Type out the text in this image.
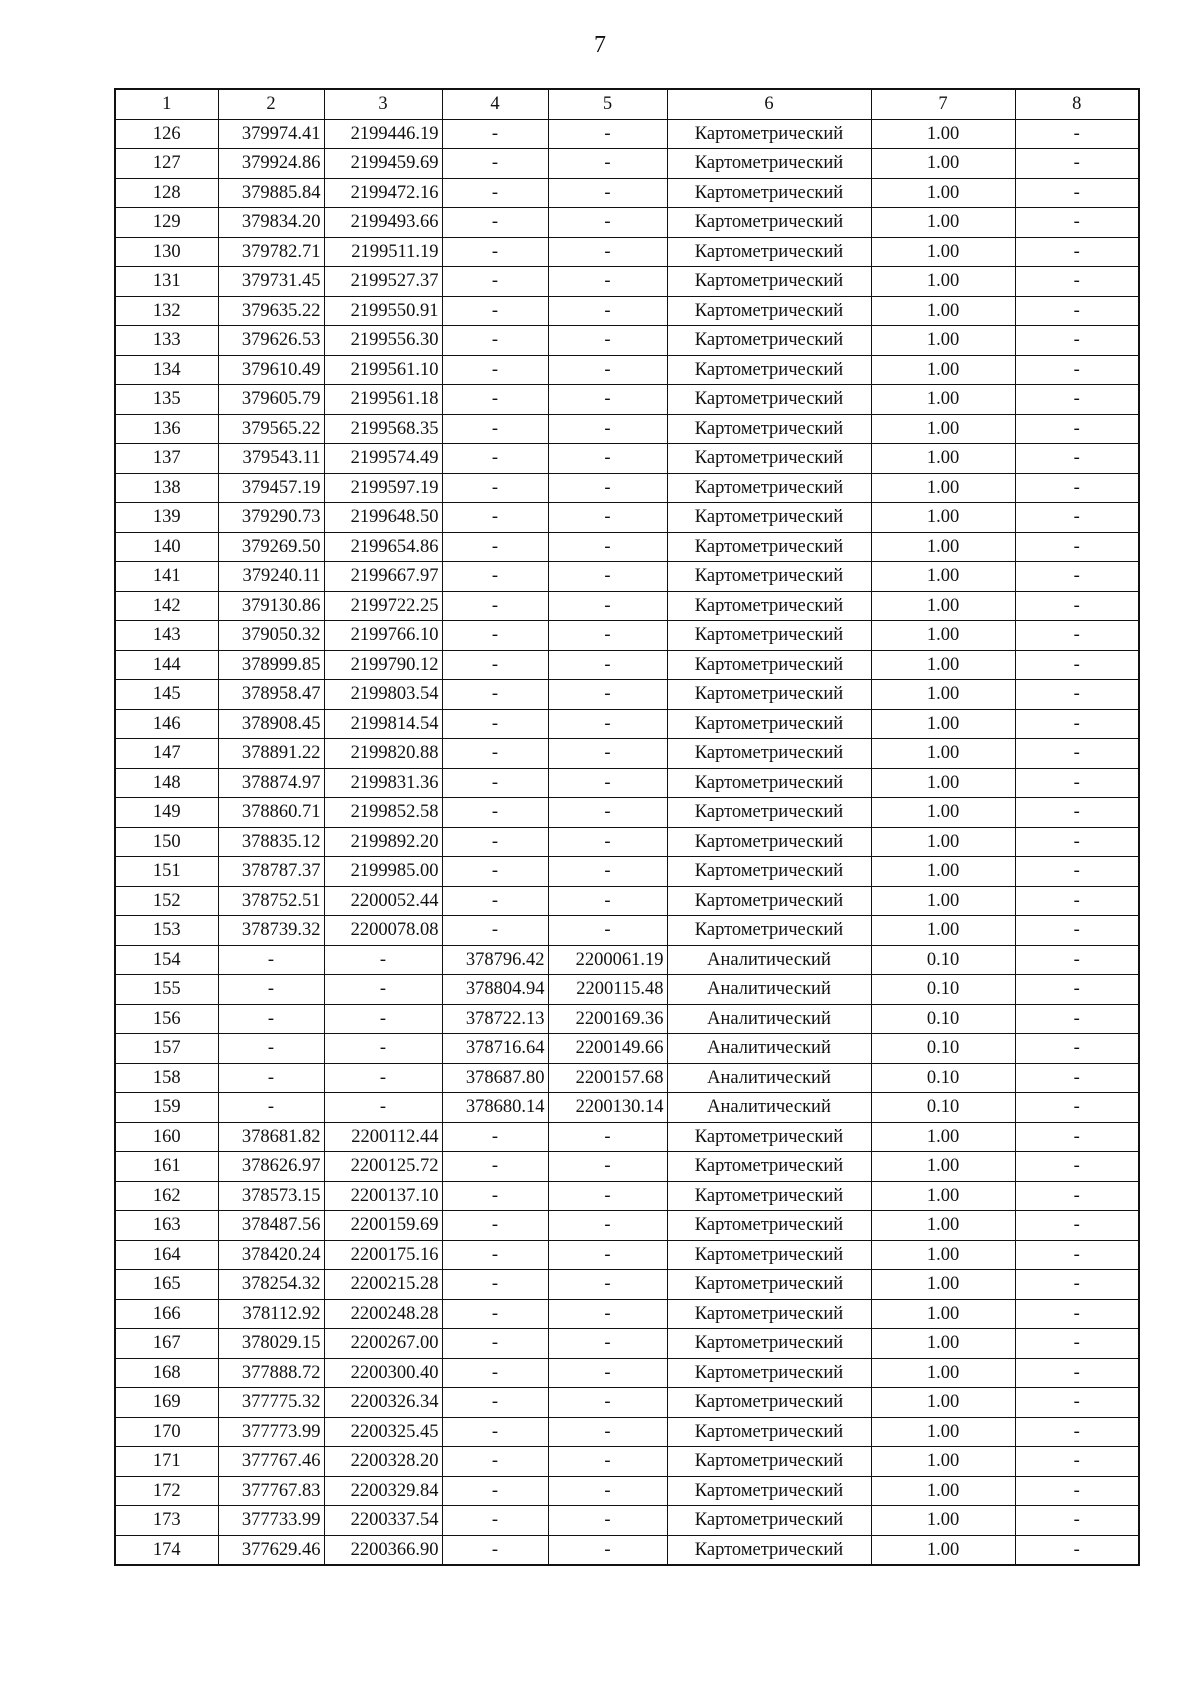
7
1	2	3	4	5	6	7	8
126	379974.41	2199446.19	-	-	Картометрический	1.00	-
127	379924.86	2199459.69	-	-	Картометрический	1.00	-
128	379885.84	2199472.16	-	-	Картометрический	1.00	-
129	379834.20	2199493.66	-	-	Картометрический	1.00	-
130	379782.71	2199511.19	-	-	Картометрический	1.00	-
131	379731.45	2199527.37	-	-	Картометрический	1.00	-
132	379635.22	2199550.91	-	-	Картометрический	1.00	-
133	379626.53	2199556.30	-	-	Картометрический	1.00	-
134	379610.49	2199561.10	-	-	Картометрический	1.00	-
135	379605.79	2199561.18	-	-	Картометрический	1.00	-
136	379565.22	2199568.35	-	-	Картометрический	1.00	-
137	379543.11	2199574.49	-	-	Картометрический	1.00	-
138	379457.19	2199597.19	-	-	Картометрический	1.00	-
139	379290.73	2199648.50	-	-	Картометрический	1.00	-
140	379269.50	2199654.86	-	-	Картометрический	1.00	-
141	379240.11	2199667.97	-	-	Картометрический	1.00	-
142	379130.86	2199722.25	-	-	Картометрический	1.00	-
143	379050.32	2199766.10	-	-	Картометрический	1.00	-
144	378999.85	2199790.12	-	-	Картометрический	1.00	-
145	378958.47	2199803.54	-	-	Картометрический	1.00	-
146	378908.45	2199814.54	-	-	Картометрический	1.00	-
147	378891.22	2199820.88	-	-	Картометрический	1.00	-
148	378874.97	2199831.36	-	-	Картометрический	1.00	-
149	378860.71	2199852.58	-	-	Картометрический	1.00	-
150	378835.12	2199892.20	-	-	Картометрический	1.00	-
151	378787.37	2199985.00	-	-	Картометрический	1.00	-
152	378752.51	2200052.44	-	-	Картометрический	1.00	-
153	378739.32	2200078.08	-	-	Картометрический	1.00	-
154	-	-	378796.42	2200061.19	Аналитический	0.10	-
155	-	-	378804.94	2200115.48	Аналитический	0.10	-
156	-	-	378722.13	2200169.36	Аналитический	0.10	-
157	-	-	378716.64	2200149.66	Аналитический	0.10	-
158	-	-	378687.80	2200157.68	Аналитический	0.10	-
159	-	-	378680.14	2200130.14	Аналитический	0.10	-
160	378681.82	2200112.44	-	-	Картометрический	1.00	-
161	378626.97	2200125.72	-	-	Картометрический	1.00	-
162	378573.15	2200137.10	-	-	Картометрический	1.00	-
163	378487.56	2200159.69	-	-	Картометрический	1.00	-
164	378420.24	2200175.16	-	-	Картометрический	1.00	-
165	378254.32	2200215.28	-	-	Картометрический	1.00	-
166	378112.92	2200248.28	-	-	Картометрический	1.00	-
167	378029.15	2200267.00	-	-	Картометрический	1.00	-
168	377888.72	2200300.40	-	-	Картометрический	1.00	-
169	377775.32	2200326.34	-	-	Картометрический	1.00	-
170	377773.99	2200325.45	-	-	Картометрический	1.00	-
171	377767.46	2200328.20	-	-	Картометрический	1.00	-
172	377767.83	2200329.84	-	-	Картометрический	1.00	-
173	377733.99	2200337.54	-	-	Картометрический	1.00	-
174	377629.46	2200366.90	-	-	Картометрический	1.00	-
